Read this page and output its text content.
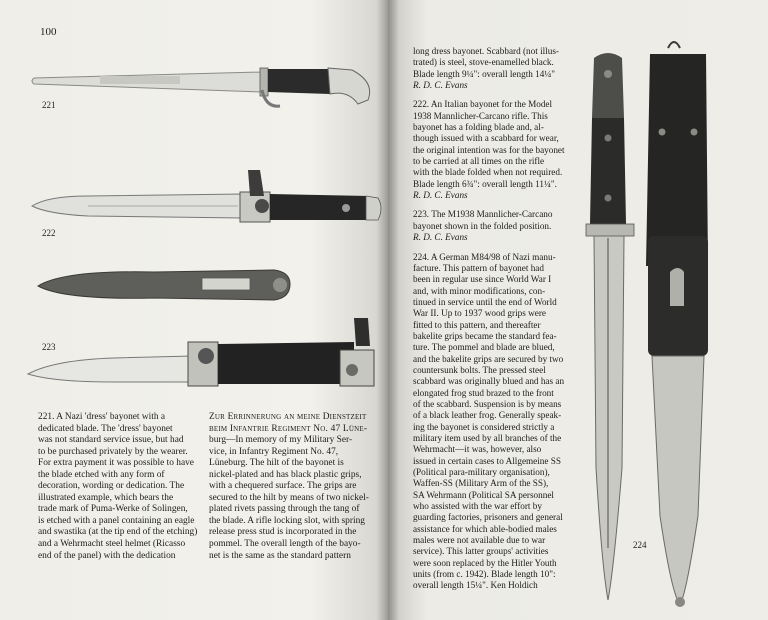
100
221
222
223

221. A Nazi 'dress' bayonet with a

dedicated blade. The 'dress' bayonet

was not standard service issue, but had

to be purchased privately by the wearer.

For extra payment it was possible to have

the blade etched with any form of

decoration, wording or dedication. The

illustrated example, which bears the

trade mark of Puma-Werke of Solingen,

is etched with a panel containing an eagle

and swastika (at the tip end of the etching)

and a Wehrmacht steel helmet (Ricasso

end of the panel) with the dedication

Zur Errinnerung an meine Dienstzeit

beim Infantrie Regiment No. 47 Lüne-

burg—In memory of my Military Ser-

vice, in Infantry Regiment No. 47,

Lüneburg. The hilt of the bayonet is

nickel-plated and has black plastic grips,

with a chequered surface. The grips are

secured to the hilt by means of two nickel-

plated rivets passing through the tang of

the blade. A rifle locking slot, with spring

release press stud is incorporated in the

pommel. The overall length of the bayo-

net is the same as the standard pattern

long dress bayonet. Scabbard (not illus-

trated) is steel, stove-enamelled black.

Blade length 9¼": overall length 14¼"

R. D. C. Evans

222. An Italian bayonet for the Model

1938 Mannlicher-Carcano rifle. This

bayonet has a folding blade and, al-

though issued with a scabbard for wear,

the original intention was for the bayonet

to be carried at all times on the rifle

with the blade folded when not required.

Blade length 6¾": overall length 11¼".

R. D. C. Evans

223. The M1938 Mannlicher-Carcano

bayonet shown in the folded position.

R. D. C. Evans

224. A German M84/98 of Nazi manu-

facture. This pattern of bayonet had

been in regular use since World War I

and, with minor modifications, con-

tinued in service until the end of World

War II. Up to 1937 wood grips were

fitted to this pattern, and thereafter

bakelite grips became the standard fea-

ture. The pommel and blade are blued,

and the bakelite grips are secured by two

countersunk bolts. The pressed steel

scabbard was originally blued and has an

elongated frog stud brazed to the front

of the scabbard. Suspension is by means

of a black leather frog. Generally speak-

ing the bayonet is considered strictly a

military item used by all branches of the

Wehrmacht—it was, however, also

issued in certain cases to Allgemeine SS

(Political para-military organisation),

Waffen-SS (Military Arm of the SS),

SA Wehrmann (Political SA personnel

who assisted with the war effort by

guarding factories, prisoners and general

assistance for which able-bodied males

males were not available due to war

service). This latter groups' activities

were soon replaced by the Hitler Youth

units (from c. 1942). Blade length 10":

overall length 15¼". Ken Holdich

224
